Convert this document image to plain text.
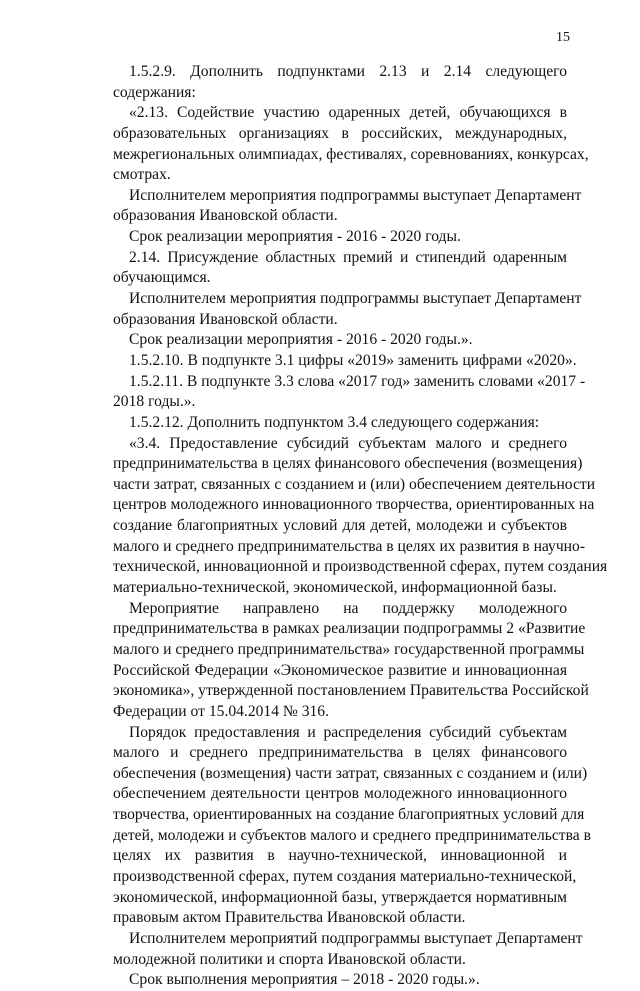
15
1.5.2.9. Дополнить подпунктами 2.13 и 2.14 следующего
содержания:
«2.13. Содействие участию одаренных детей, обучающихся в
образовательных организациях в российских, международных,
межрегиональных олимпиадах, фестивалях, соревнованиях, конкурсах,
смотрах.
Исполнителем мероприятия подпрограммы выступает Департамент
образования Ивановской области.
Срок реализации мероприятия - 2016 - 2020 годы.
2.14. Присуждение областных премий и стипендий одаренным
обучающимся.
Исполнителем мероприятия подпрограммы выступает Департамент
образования Ивановской области.
Срок реализации мероприятия - 2016 - 2020 годы.».
1.5.2.10. В подпункте 3.1 цифры «2019» заменить цифрами «2020».
1.5.2.11. В подпункте 3.3 слова «2017 год» заменить словами «2017 -
2018 годы.».
1.5.2.12. Дополнить подпунктом 3.4 следующего содержания:
«3.4. Предоставление субсидий субъектам малого и среднего
предпринимательства в целях финансового обеспечения (возмещения)
части затрат, связанных с созданием и (или) обеспечением деятельности
центров молодежного инновационного творчества, ориентированных на
создание благоприятных условий для детей, молодежи и субъектов
малого и среднего предпринимательства в целях их развития в научно-
технической, инновационной и производственной сферах, путем создания
материально-технической, экономической, информационной базы.
Мероприятие направлено на поддержку молодежного
предпринимательства в рамках реализации подпрограммы 2 «Развитие
малого и среднего предпринимательства» государственной программы
Российской Федерации «Экономическое развитие и инновационная
экономика», утвержденной постановлением Правительства Российской
Федерации от 15.04.2014 № 316.
Порядок предоставления и распределения субсидий субъектам
малого и среднего предпринимательства в целях финансового
обеспечения (возмещения) части затрат, связанных с созданием и (или)
обеспечением деятельности центров молодежного инновационного
творчества, ориентированных на создание благоприятных условий для
детей, молодежи и субъектов малого и среднего предпринимательства в
целях их развития в научно-технической, инновационной и
производственной сферах, путем создания материально-технической,
экономической, информационной базы, утверждается нормативным
правовым актом Правительства Ивановской области.
Исполнителем мероприятий подпрограммы выступает Департамент
молодежной политики и спорта Ивановской области.
Срок выполнения мероприятия – 2018 - 2020 годы.».
